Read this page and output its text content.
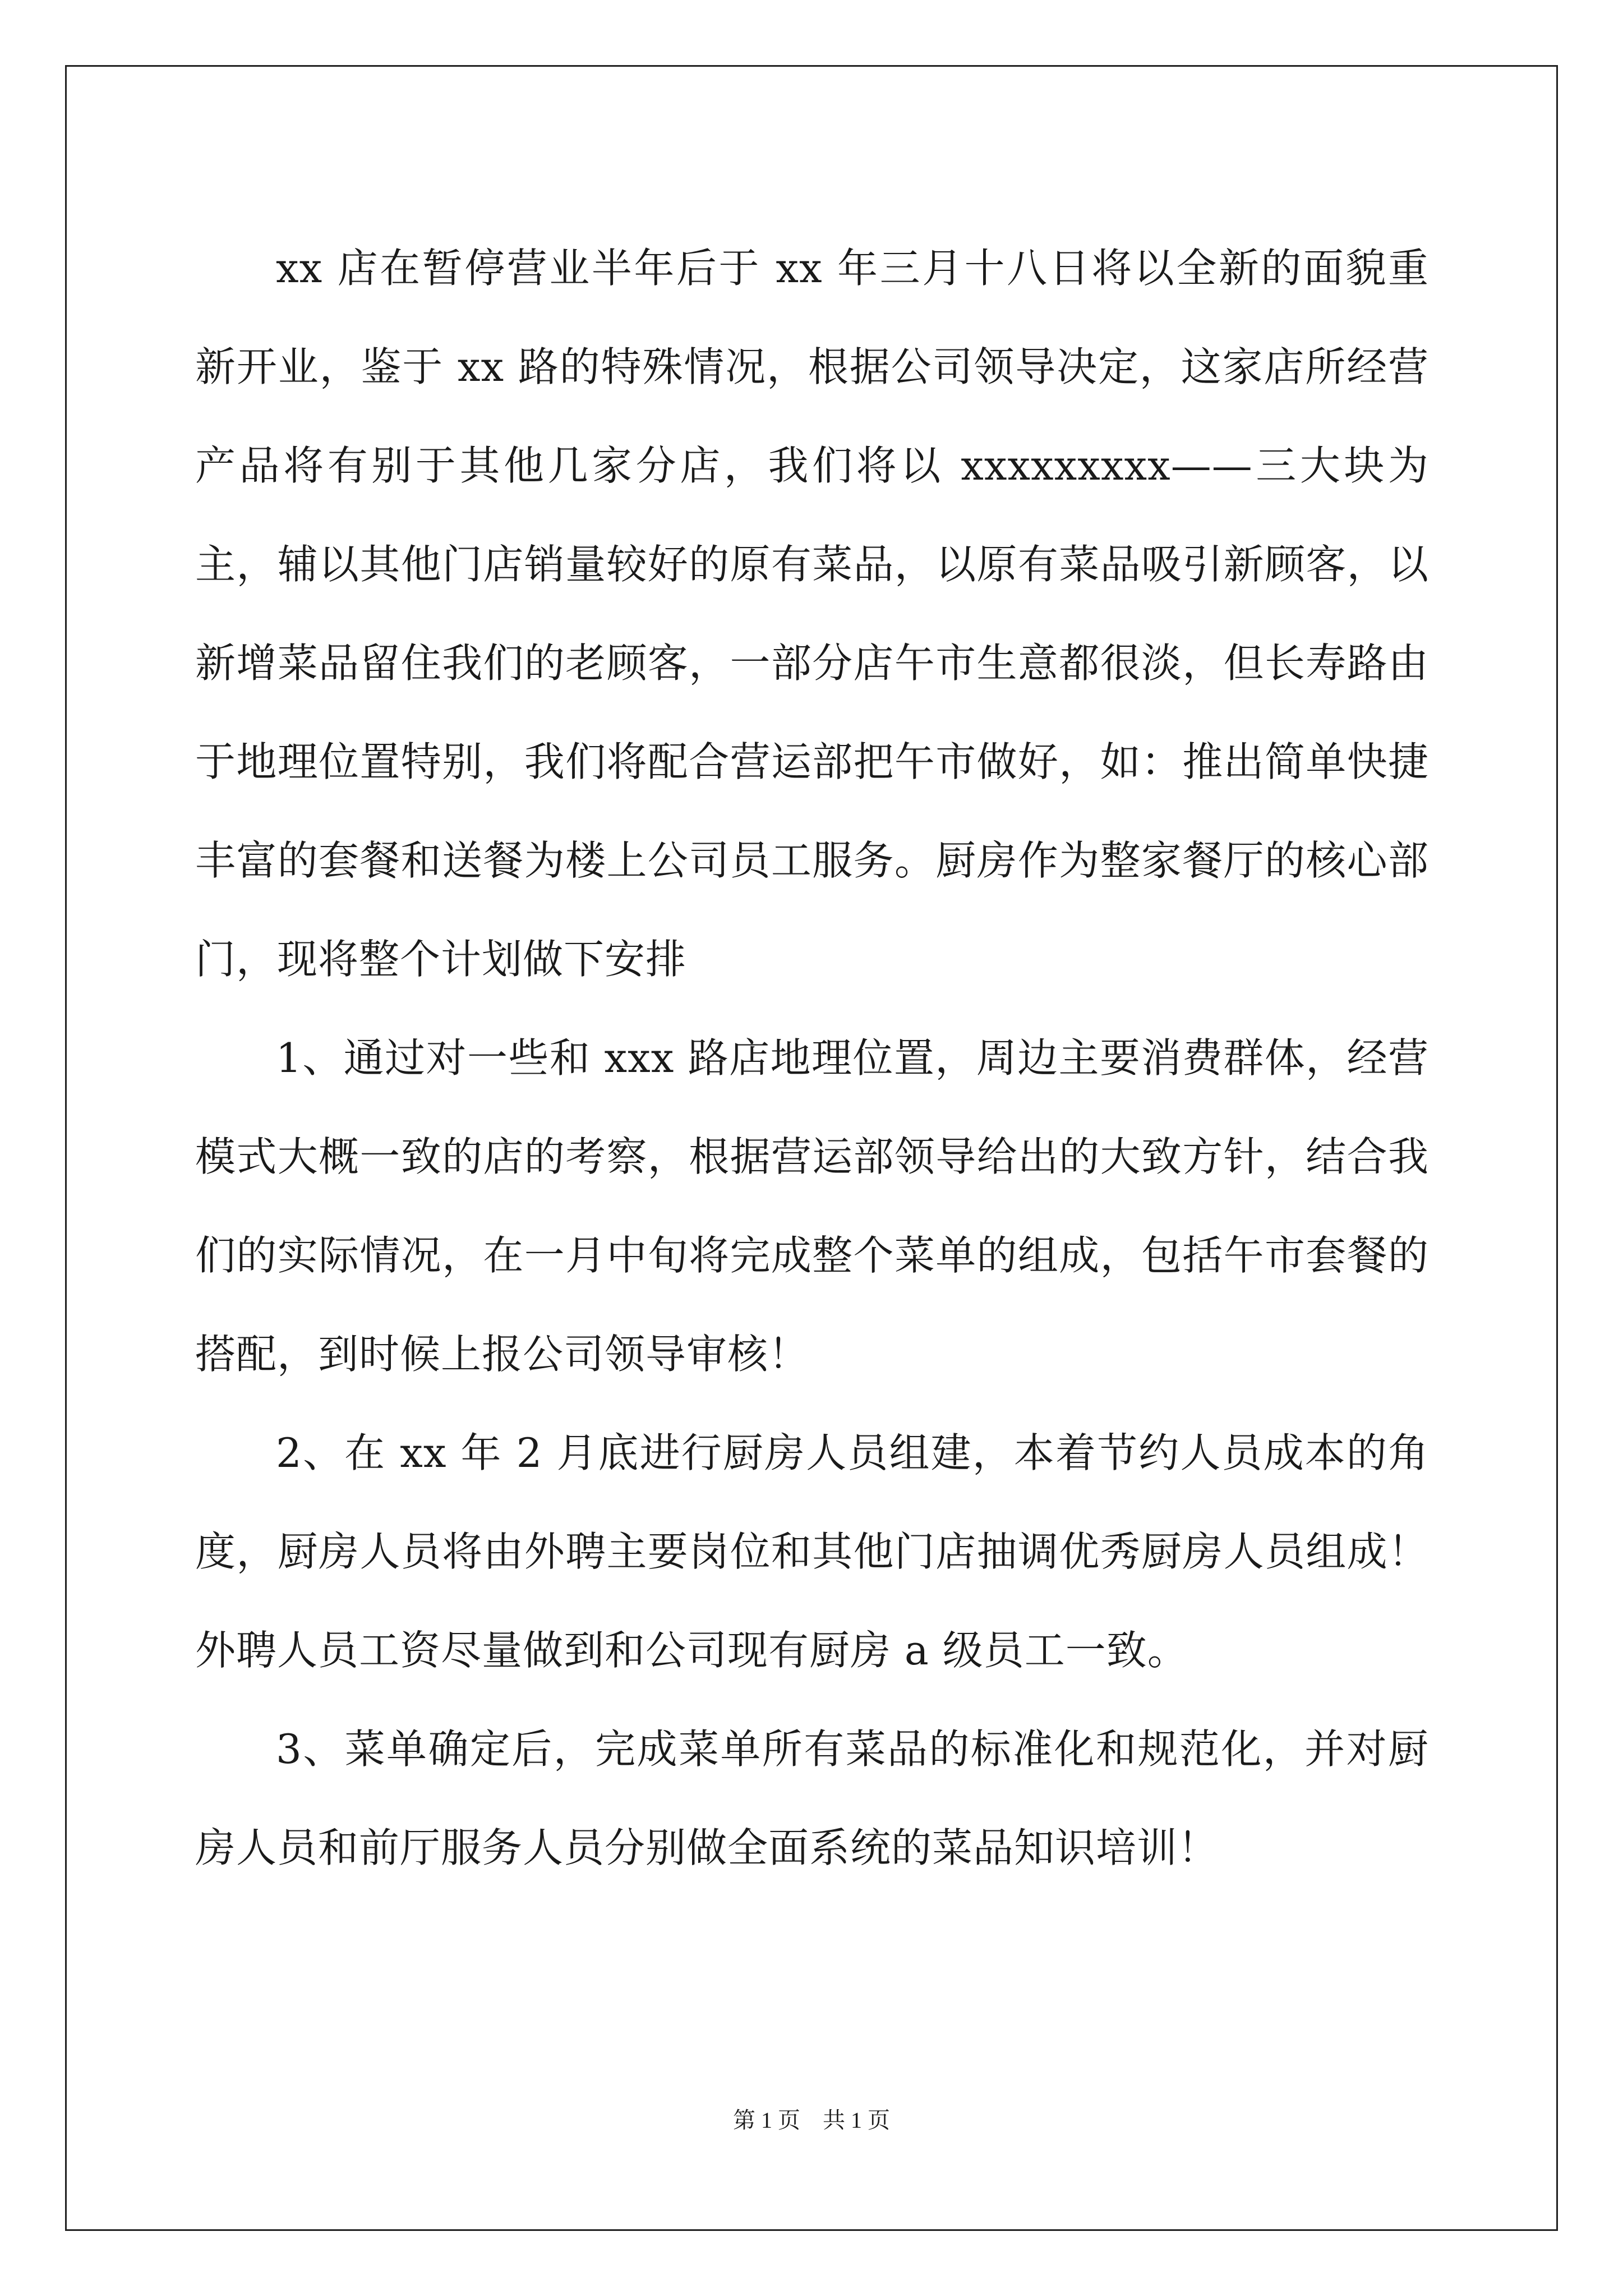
xx 店在暂停营业半年后于 xx 年三月十八日将以全新的面貌重新开业，鉴于 xx 路的特殊情况，根据公司领导决定，这家店所经营产品将有别于其他几家分店，我们将以 xxxxxxxxx——三大块为主，辅以其他门店销量较好的原有菜品，以原有菜品吸引新顾客，以新增菜品留住我们的老顾客，一部分店午市生意都很淡，但长寿路由于地理位置特别，我们将配合营运部把午市做好，如：推出简单快捷丰富的套餐和送餐为楼上公司员工服务。厨房作为整家餐厅的核心部门，现将整个计划做下安排

1、通过对一些和 xxx 路店地理位置，周边主要消费群体，经营模式大概一致的店的考察，根据营运部领导给出的大致方针，结合我们的实际情况，在一月中旬将完成整个菜单的组成，包括午市套餐的搭配，到时候上报公司领导审核！

2、在 xx 年 2 月底进行厨房人员组建，本着节约人员成本的角度，厨房人员将由外聘主要岗位和其他门店抽调优秀厨房人员组成！外聘人员工资尽量做到和公司现有厨房 a 级员工一致。

3、菜单确定后，完成菜单所有菜品的标准化和规范化，并对厨房人员和前厅服务人员分别做全面系统的菜品知识培训！

第 1 页　共 1 页
